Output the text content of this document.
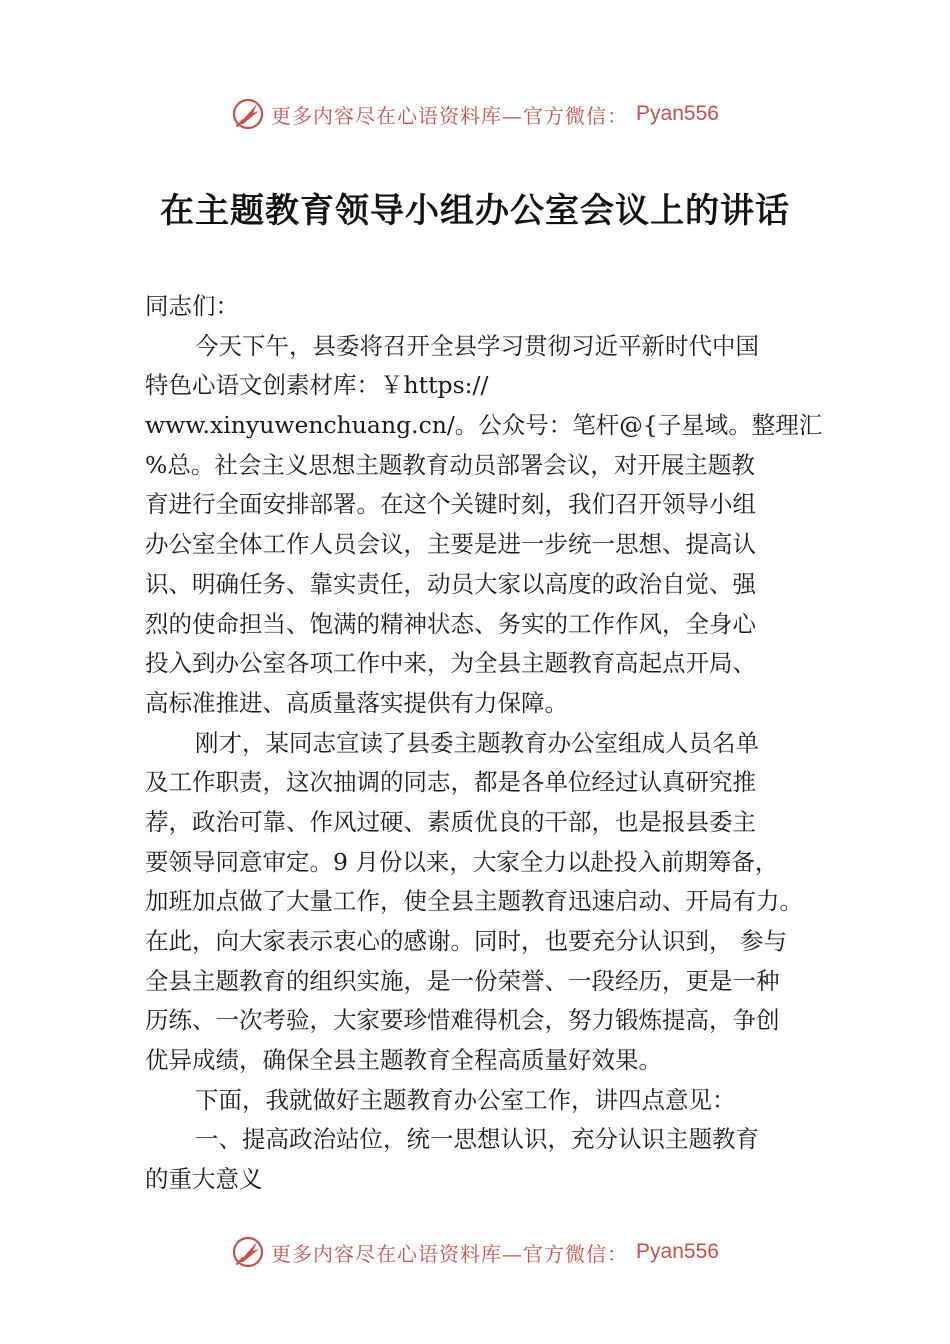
更多内容尽在心语资料库—官方微信： Pyan556
在主题教育领导小组办公室会议上的讲话
同志们：
今天下午，县委将召开全县学习贯彻习近平新时代中国
特色心语文创素材库：￥https://
www.xinyuwenchuang.cn/。公众号：笔杆@{子星域。整理汇
%总。社会主义思想主题教育动员部署会议，对开展主题教
育进行全面安排部署。在这个关键时刻，我们召开领导小组
办公室全体工作人员会议，主要是进一步统一思想、提高认
识、明确任务、靠实责任，动员大家以高度的政治自觉、强
烈的使命担当、饱满的精神状态、务实的工作作风，全身心
投入到办公室各项工作中来，为全县主题教育高起点开局、
高标准推进、高质量落实提供有力保障。
刚才，某同志宣读了县委主题教育办公室组成人员名单
及工作职责，这次抽调的同志，都是各单位经过认真研究推
荐，政治可靠、作风过硬、素质优良的干部，也是报县委主
要领导同意审定。9 月份以来，大家全力以赴投入前期筹备，
加班加点做了大量工作，使全县主题教育迅速启动、开局有力。
在此，向大家表示衷心的感谢。同时，也要充分认识到， 参与
全县主题教育的组织实施，是一份荣誉、一段经历，更是一种
历练、一次考验，大家要珍惜难得机会，努力锻炼提高，争创
优异成绩，确保全县主题教育全程高质量好效果。
下面，我就做好主题教育办公室工作，讲四点意见：
一、提高政治站位，统一思想认识，充分认识主题教育
的重大意义
更多内容尽在心语资料库—官方微信： Pyan556
